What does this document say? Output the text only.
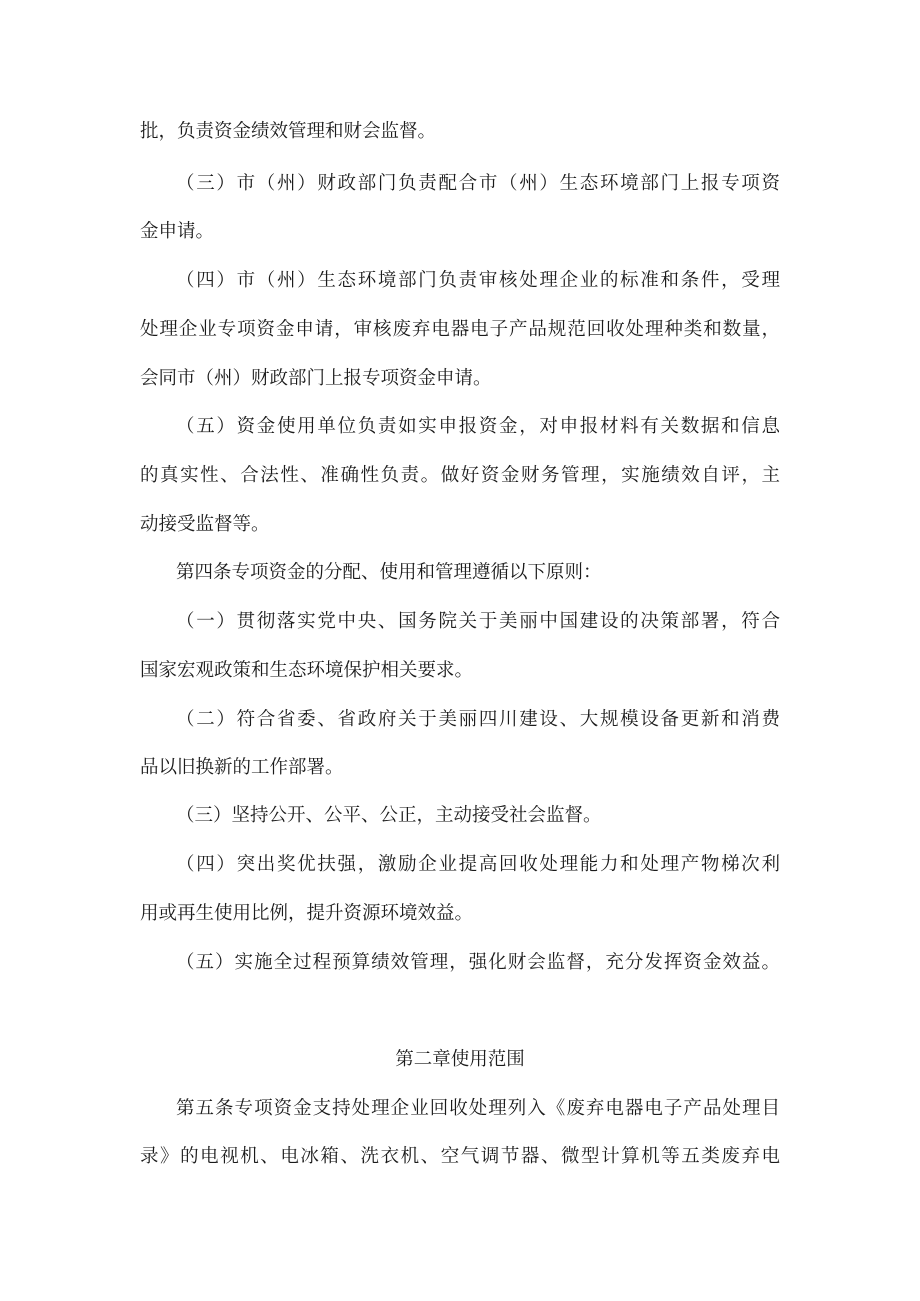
批，负责资金绩效管理和财会监督。
（三）市（州）财政部门负责配合市（州）生态环境部门上报专项资
金申请。
（四）市（州）生态环境部门负责审核处理企业的标准和条件，受理
处理企业专项资金申请，审核废弃电器电子产品规范回收处理种类和数量，
会同市（州）财政部门上报专项资金申请。
（五）资金使用单位负责如实申报资金，对申报材料有关数据和信息
的真实性、合法性、准确性负责。做好资金财务管理，实施绩效自评，主
动接受监督等。
第四条专项资金的分配、使用和管理遵循以下原则：
（一）贯彻落实党中央、国务院关于美丽中国建设的决策部署，符合
国家宏观政策和生态环境保护相关要求。
（二）符合省委、省政府关于美丽四川建设、大规模设备更新和消费
品以旧换新的工作部署。
（三）坚持公开、公平、公正，主动接受社会监督。
（四）突出奖优扶强，激励企业提高回收处理能力和处理产物梯次利
用或再生使用比例，提升资源环境效益。
（五）实施全过程预算绩效管理，强化财会监督，充分发挥资金效益。
第二章使用范围
第五条专项资金支持处理企业回收处理列入《废弃电器电子产品处理目
录》的电视机、电冰箱、洗衣机、空气调节器、微型计算机等五类废弃电
